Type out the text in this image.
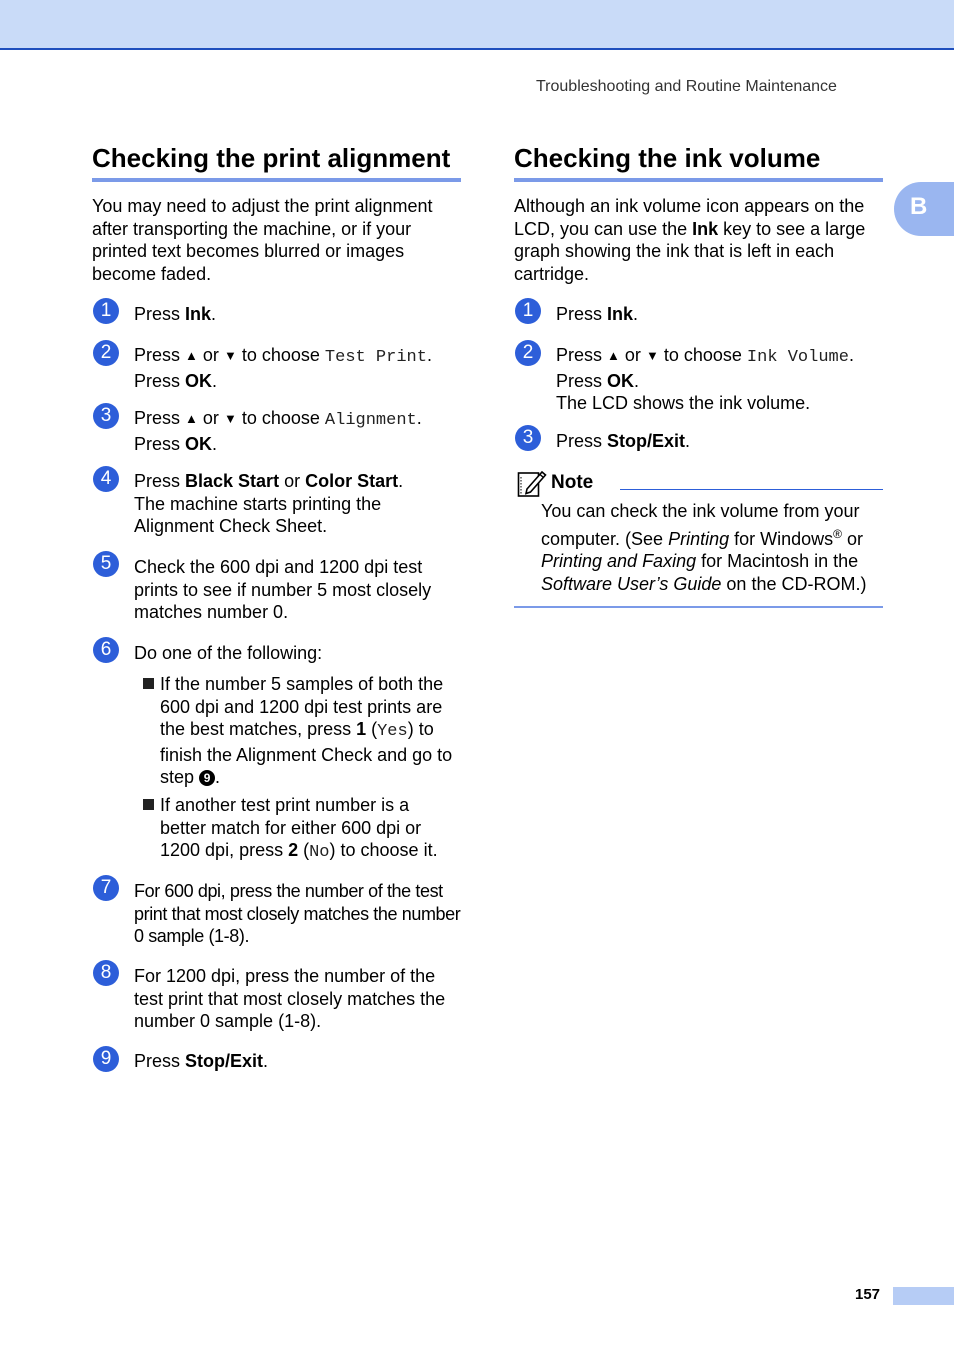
Troubleshooting and Routine Maintenance
B
Checking the print alignment
You may need to adjust the print alignment after transporting the machine, or if your printed text becomes blurred or images become faded.
1	Press Ink.
2	Press ▲ or ▼ to choose Test Print.
Press OK.
3	Press ▲ or ▼ to choose Alignment.
Press OK.
4	Press Black Start or Color Start.
The machine starts printing the Alignment Check Sheet.
5	Check the 600 dpi and 1200 dpi test prints to see if number 5 most closely matches number 0.
6	Do one of the following:
If the number 5 samples of both the 600 dpi and 1200 dpi test prints are the best matches, press 1 (Yes) to finish the Alignment Check and go to step 9 .
If another test print number is a better match for either 600 dpi or 1200 dpi, press 2 (No) to choose it.
7	For 600 dpi, press the number of the test print that most closely matches the number 0 sample (1-8).
8	For 1200 dpi, press the number of the test print that most closely matches the number 0 sample (1-8).
9	Press Stop/Exit.
Checking the ink volume
Although an ink volume icon appears on the LCD, you can use the Ink key to see a large graph showing the ink that is left in each cartridge.
1	Press Ink.
2	Press ▲ or ▼ to choose Ink Volume.
Press OK.
The LCD shows the ink volume.
3	Press Stop/Exit.
Note
You can check the ink volume from your computer. (See Printing for Windows® or Printing and Faxing for Macintosh in the Software User’s Guide on the CD-ROM.)
157
